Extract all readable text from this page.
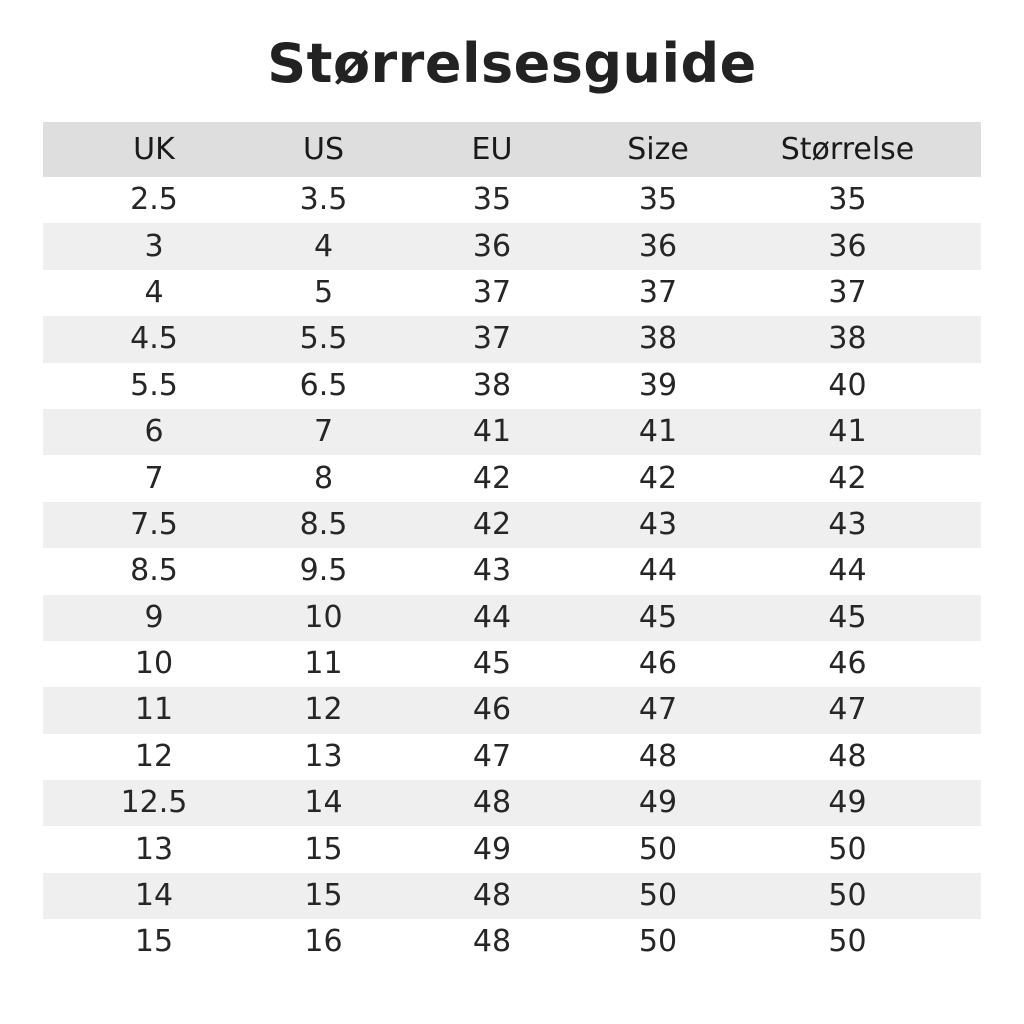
Størrelsesguide
UK	US	EU	Size	Størrelse
2.5	3.5	35	35	35
3	4	36	36	36
4	5	37	37	37
4.5	5.5	37	38	38
5.5	6.5	38	39	40
6	7	41	41	41
7	8	42	42	42
7.5	8.5	42	43	43
8.5	9.5	43	44	44
9	10	44	45	45
10	11	45	46	46
11	12	46	47	47
12	13	47	48	48
12.5	14	48	49	49
13	15	49	50	50
14	15	48	50	50
15	16	48	50	50
